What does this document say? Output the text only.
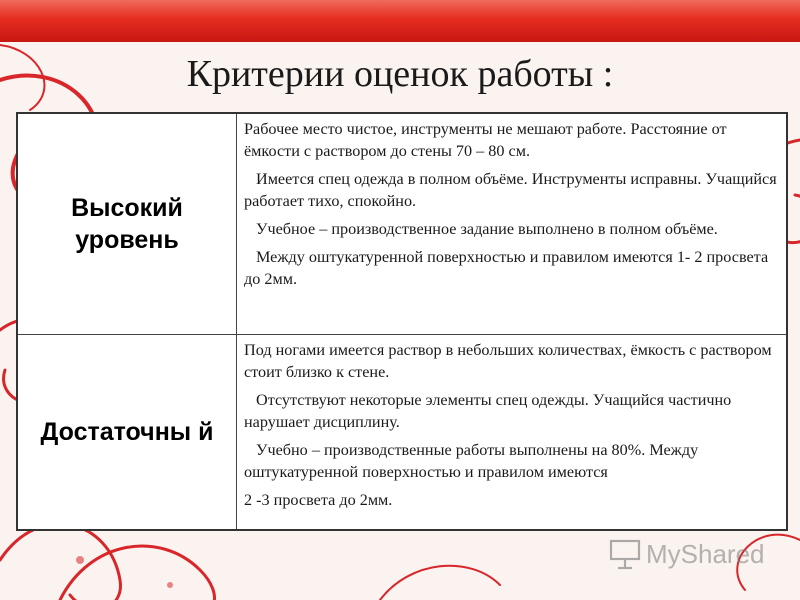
Критерии оценок работы :
Высокий уровень	Рабочее место чистое, инструменты не мешают работе. Расстояние от ёмкости с раствором до стены 70 – 80 см.

Имеется спец одежда в полном объёме. Инструменты исправны. Учащийся работает тихо, спокойно.

Учебное – производственное задание выполнено в полном объёме.

Между оштукатуренной поверхностью и правилом имеются 1- 2 просвета до 2мм.

Достаточны й	Под ногами имеется раствор в небольших количествах, ёмкость с раствором стоит близко к стене.

Отсутствуют некоторые элементы спец одежды. Учащийся частично нарушает дисциплину.

Учебно – производственные работы выполнены на 80%. Между оштукатуренной поверхностью и правилом имеются

2 -3 просвета до 2мм.

MyShared
